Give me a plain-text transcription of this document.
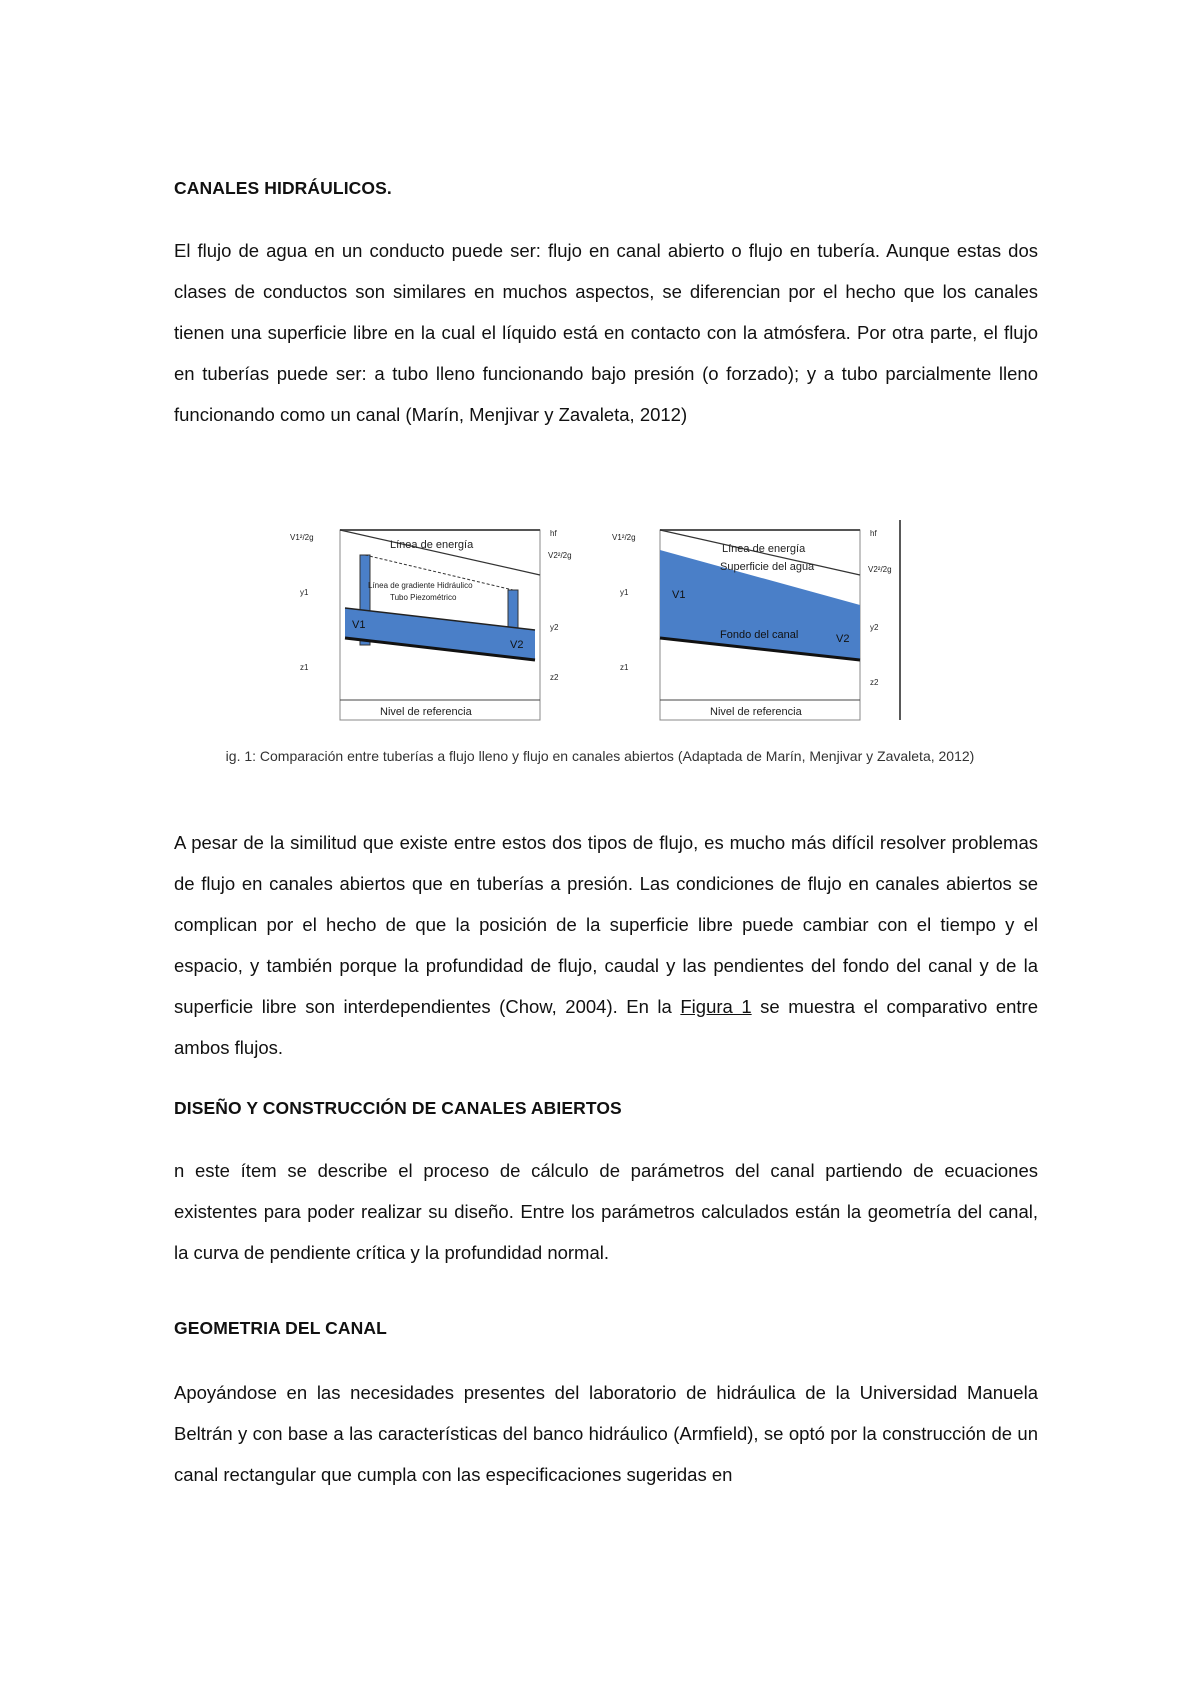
CANALES HIDRÁULICOS.
El flujo de agua en un conducto puede ser: flujo en canal abierto o flujo en tubería. Aunque estas dos clases de conductos son similares en muchos aspectos, se diferencian por el hecho que los canales tienen una superficie libre en la cual el líquido está en contacto con la atmósfera. Por otra parte, el flujo en tuberías puede ser: a tubo lleno funcionando bajo presión (o forzado); y a tubo parcialmente lleno funcionando como un canal (Marín, Menjivar y Zavaleta, 2012)
Línea de energía
Línea de gradiente Hidráulico
Tubo Piezométrico
Nivel de referencia
V1
V2
V1²/2g
V2²/2g
y1
y2
z1
z2
hf
Línea de energía
Superficie del agua
Fondo del canal
Nivel de referencia
V1
V2
V1²/2g
V2²/2g
y1
y2
z1
z2
hf
ig. 1: Comparación entre tuberías a flujo lleno y flujo en canales abiertos (Adaptada de Marín, Menjivar y Zavaleta, 2012)
A pesar de la similitud que existe entre estos dos tipos de flujo, es mucho más difícil resolver problemas de flujo en canales abiertos que en tuberías a presión. Las condiciones de flujo en canales abiertos se complican por el hecho de que la posición de la superficie libre puede cambiar con el tiempo y el espacio, y también porque la profundidad de flujo, caudal y las pendientes del fondo del canal y de la superficie libre son interdependientes (Chow, 2004). En la Figura 1 se muestra el comparativo entre ambos flujos.
DISEÑO Y CONSTRUCCIÓN DE CANALES ABIERTOS
n este ítem se describe el proceso de cálculo de parámetros del canal partiendo de ecuaciones existentes para poder realizar su diseño. Entre los parámetros calculados están la geometría del canal, la curva de pendiente crítica y la profundidad normal.
GEOMETRIA DEL CANAL
Apoyándose en las necesidades presentes del laboratorio de hidráulica de la Universidad Manuela Beltrán y con base a las características del banco hidráulico (Armfield), se optó por la construcción de un canal rectangular que cumpla con las especificaciones sugeridas en
